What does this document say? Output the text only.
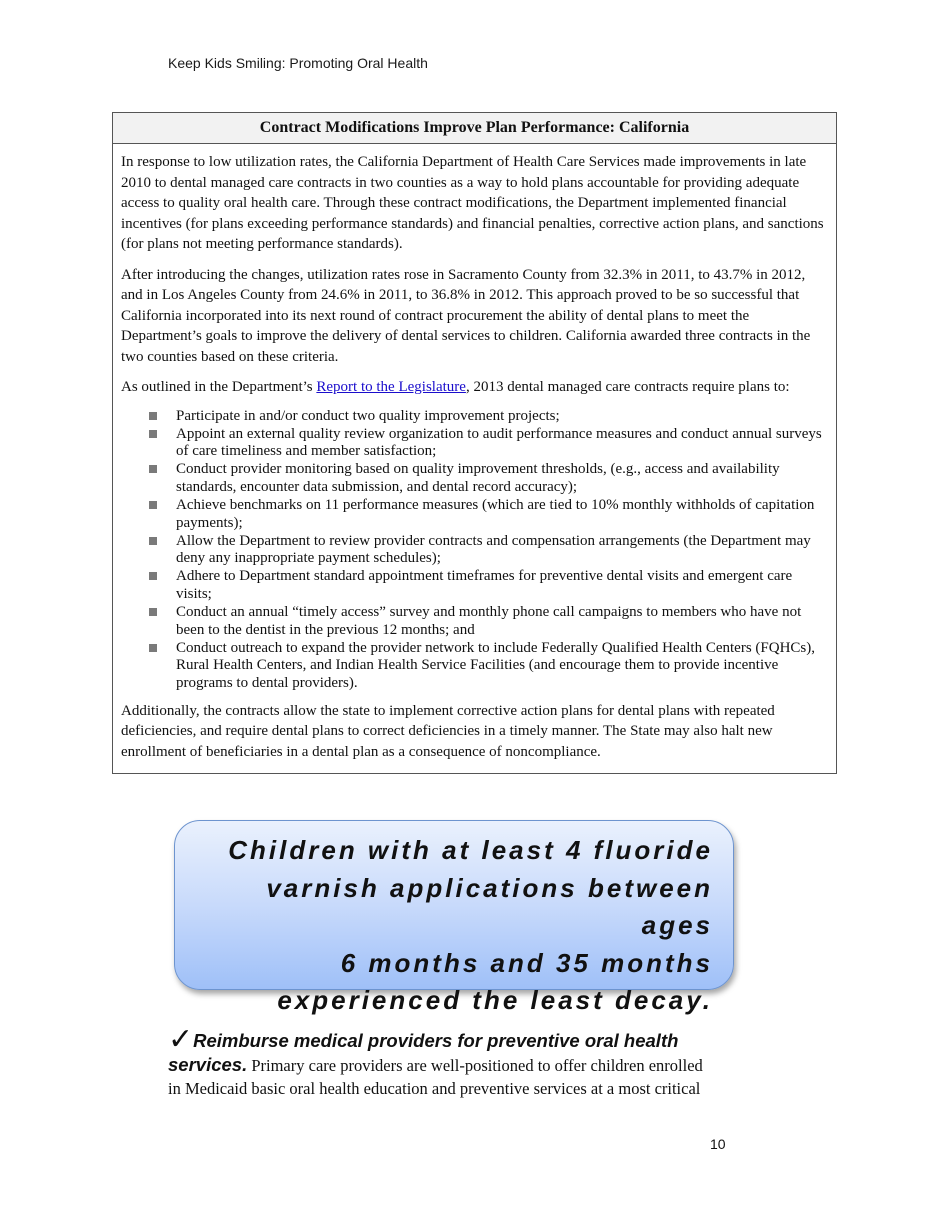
Keep Kids Smiling: Promoting Oral Health
Contract Modifications Improve Plan Performance: California

In response to low utilization rates, the California Department of Health Care Services made improvements in late 2010 to dental managed care contracts in two counties as a way to hold plans accountable for providing adequate access to quality oral health care. Through these contract modifications, the Department implemented financial incentives (for plans exceeding performance standards) and financial penalties, corrective action plans, and sanctions (for plans not meeting performance standards).

After introducing the changes, utilization rates rose in Sacramento County from 32.3% in 2011, to 43.7% in 2012, and in Los Angeles County from 24.6% in 2011, to 36.8% in 2012. This approach proved to be so successful that California incorporated into its next round of contract procurement the ability of dental plans to meet the Department’s goals to improve the delivery of dental services to children. California awarded three contracts in the two counties based on these criteria.

As outlined in the Department’s Report to the Legislature, 2013 dental managed care contracts require plans to:

Participate in and/or conduct two quality improvement projects;
Appoint an external quality review organization to audit performance measures and conduct annual surveys of care timeliness and member satisfaction;
Conduct provider monitoring based on quality improvement thresholds, (e.g., access and availability standards, encounter data submission, and dental record accuracy);
Achieve benchmarks on 11 performance measures (which are tied to 10% monthly withholds of capitation payments);
Allow the Department to review provider contracts and compensation arrangements (the Department may deny any inappropriate payment schedules);
Adhere to Department standard appointment timeframes for preventive dental visits and emergent care visits;
Conduct an annual “timely access” survey and monthly phone call campaigns to members who have not been to the dentist in the previous 12 months; and
Conduct outreach to expand the provider network to include Federally Qualified Health Centers (FQHCs), Rural Health Centers, and Indian Health Service Facilities (and encourage them to provide incentive programs to dental providers).

Additionally, the contracts allow the state to implement corrective action plans for dental plans with repeated deficiencies, and require dental plans to correct deficiencies in a timely manner. The State may also halt new enrollment of beneficiaries in a dental plan as a consequence of noncompliance.

Children with at least 4 fluoride
varnish applications between ages
6 months and 35 months
experienced the least decay.
✓Reimburse medical providers for preventive oral health
services. Primary care providers are well-positioned to offer children enrolled
in Medicaid basic oral health education and preventive services at a most critical
10
